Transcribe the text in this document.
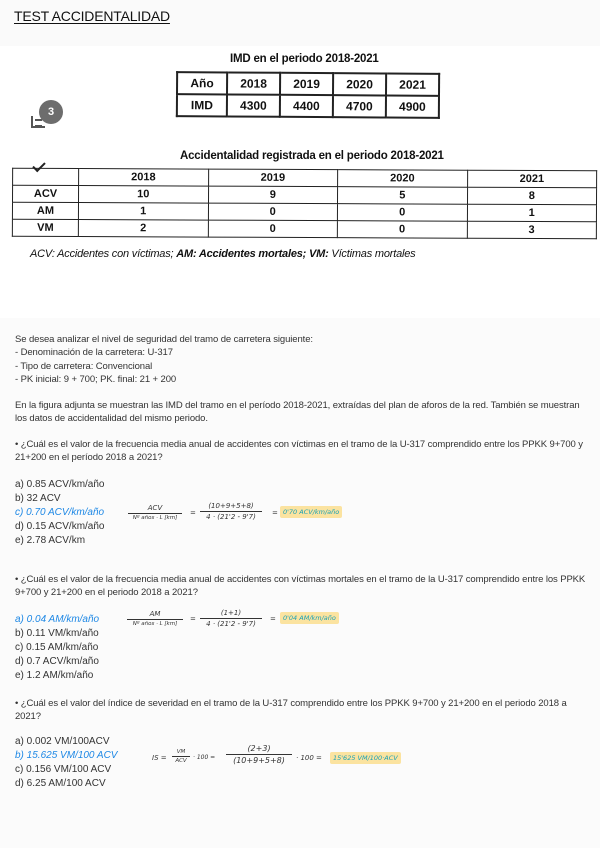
TEST ACCIDENTALIDAD
IMD en el periodo 2018-2021
Año	2018	2019	2020	2021
IMD	4300	4400	4700	4900
3
Accidentalidad registrada en el periodo 2018-2021
	2018	2019	2020	2021
ACV	10	9	5	8
AM	1	0	0	1
VM	2	0	0	3
ACV: Accidentes con víctimas; AM: Accidentes mortales; VM: Víctimas mortales

Se desea analizar el nivel de seguridad del tramo de carretera siguiente:

- Denominación de la carretera: U-317

- Tipo de carretera: Convencional

- PK inicial: 9 + 700; PK. final: 21 + 200

En la figura adjunta se muestran las IMD del tramo en el período 2018-2021, extraídas del plan de aforos de la red. También se muestran los datos de accidentalidad del mismo periodo.

• ¿Cuál es el valor de la frecuencia media anual de accidentes con víctimas en el tramo de la U-317 comprendido entre los PPKK 9+700 y 21+200 en el período 2018 a 2021?
a) 0.85 ACV/km/año
b) 32 ACV
c) 0.70 ACV/km/año
d) 0.15 ACV/km/año
e) 2.78 ACV/km
ACV
Nº años · L [km]
= $\frac{(10+9+5+8)}{4 \cdot (21'2 - 9'7)} = 0'70$ ACV/km/año
• ¿Cuál es el valor de la frecuencia media anual de accidentes con víctimas mortales en el tramo de la U-317 comprendido entre los PPKK 9+700 y 21+200 en el periodo 2018 a 2021?
a) 0.04 AM/km/año
b) 0.11 VM/km/año
c) 0.15 AM/km/año
d) 0.7 ACV/km/año
e) 1.2 AM/km/año
AM
Nº años · L [km]
= $\frac{(1+1)}{4 \cdot (21'2 - 9'7)}$ =	0'04 AM/km/año
• ¿Cuál es el valor del índice de severidad en el tramo de la U-317 comprendido entre los PPKK 9+700 y 21+200 en el periodo 2018 a 2021?
a) 0.002 VM/100ACV
b) 15.625 VM/100 ACV
c) 0.156 VM/100 ACV
d) 6.25 AM/100 ACV
IS =
VM
ACV	· $100 = \frac{(2+3)}{(10+9+5+8)} \cdot 100$ =	15'625 VM/100·ACV
